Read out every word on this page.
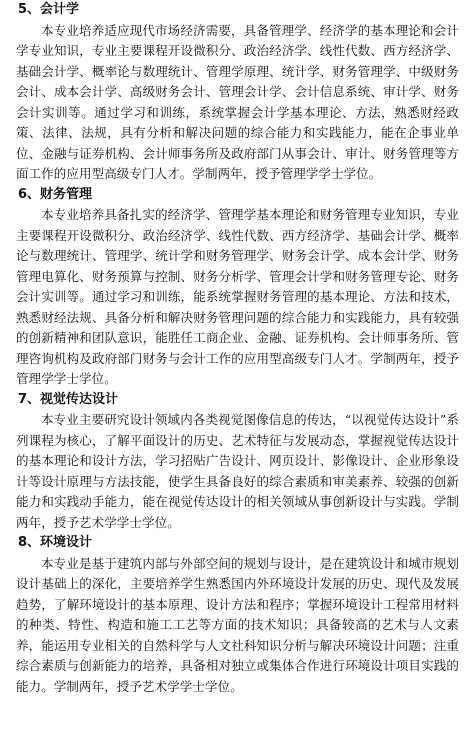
5、会计学

本专业培养适应现代市场经济需要，具备管理学、经济学的基本理论和会计学专业知识，专业主要课程开设微积分、政治经济学、线性代数、西方经济学、基础会计学、概率论与数理统计、管理学原理、统计学、财务管理学、中级财务会计、成本会计学、高级财务会计、管理会计学、会计信息系统、审计学、财务会计实训等。通过学习和训练，系统掌握会计学基本理论、方法，熟悉财经政策、法律、法规，具有分析和解决问题的综合能力和实践能力，能在企事业单位、金融与证券机构、会计师事务所及政府部门从事会计、审计、财务管理等方面工作的应用型高级专门人才。学制两年，授予管理学学士学位。

6、财务管理

本专业培养具备扎实的经济学、管理学基本理论和财务管理专业知识，专业主要课程开设微积分、政治经济学、线性代数、西方经济学、基础会计学、概率论与数理统计、管理学、统计学和财务管理学、财务会计学、成本会计学、财务管理电算化、财务预算与控制、财务分析学、管理会计学和财务管理专论、财务会计实训等。通过学习和训练，能系统掌握财务管理的基本理论、方法和技术，熟悉财经法规、具备分析和解决财务管理问题的综合能力和实践能力，具有较强的创新精神和团队意识，能胜任工商企业、金融、证券机构、会计师事务所、管理咨询机构及政府部门财务与会计工作的应用型高级专门人才。学制两年，授予管理学学士学位。

7、视觉传达设计

本专业主要研究设计领域内各类视觉图像信息的传达，“以视觉传达设计”系列课程为核心，了解平面设计的历史、艺术特征与发展动态，掌握视觉传达设计的基本理论和设计方法，学习招贴广告设计、网页设计、影像设计、企业形象设计等设计原理与方法技能，使学生具备良好的综合素质和审美素养、较强的创新能力和实践动手能力，能在视觉传达设计的相关领域从事创新设计与实践。学制两年，授予艺术学学士学位。

8、环境设计

本专业是基于建筑内部与外部空间的规划与设计，是在建筑设计和城市规划设计基础上的深化，主要培养学生熟悉国内外环境设计发展的历史、现代及发展趋势，了解环境设计的基本原理、设计方法和程序；掌握环境设计工程常用材料的种类、特性、构造和施工工艺等方面的技术知识；具备较高的艺术与人文素养，能运用专业相关的自然科学与人文社科知识分析与解决环境设计问题；注重综合素质与创新能力的培养，具备相对独立或集体合作进行环境设计项目实践的能力。学制两年，授予艺术学学士学位。
